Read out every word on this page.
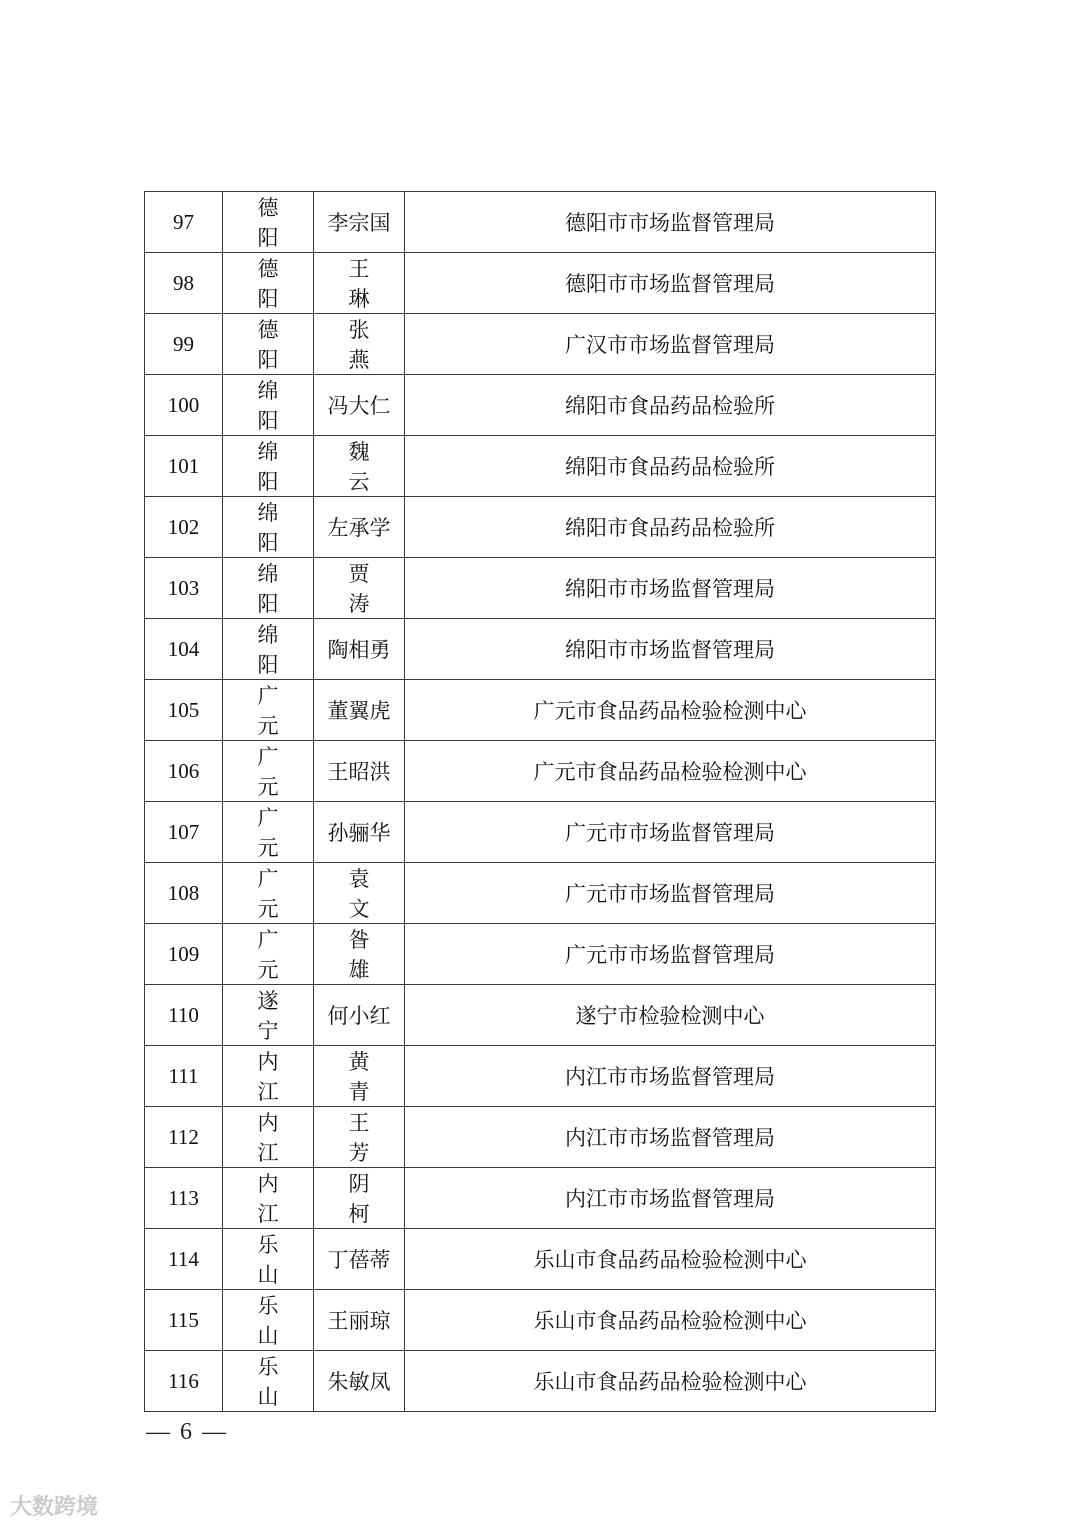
97	德阳	李宗国	德阳市市场监督管理局
98	德阳	王琳	德阳市市场监督管理局
99	德阳	张燕	广汉市市场监督管理局
100	绵阳	冯大仁	绵阳市食品药品检验所
101	绵阳	魏云	绵阳市食品药品检验所
102	绵阳	左承学	绵阳市食品药品检验所
103	绵阳	贾涛	绵阳市市场监督管理局
104	绵阳	陶相勇	绵阳市市场监督管理局
105	广元	董翼虎	广元市食品药品检验检测中心
106	广元	王昭洪	广元市食品药品检验检测中心
107	广元	孙骊华	广元市市场监督管理局
108	广元	袁文	广元市市场监督管理局
109	广元	昝雄	广元市市场监督管理局
110	遂宁	何小红	遂宁市检验检测中心
111	内江	黄青	内江市市场监督管理局
112	内江	王芳	内江市市场监督管理局
113	内江	阴柯	内江市市场监督管理局
114	乐山	丁蓓蒂	乐山市食品药品检验检测中心
115	乐山	王丽琼	乐山市食品药品检验检测中心
116	乐山	朱敏凤	乐山市食品药品检验检测中心
— 6 —
大数跨境
